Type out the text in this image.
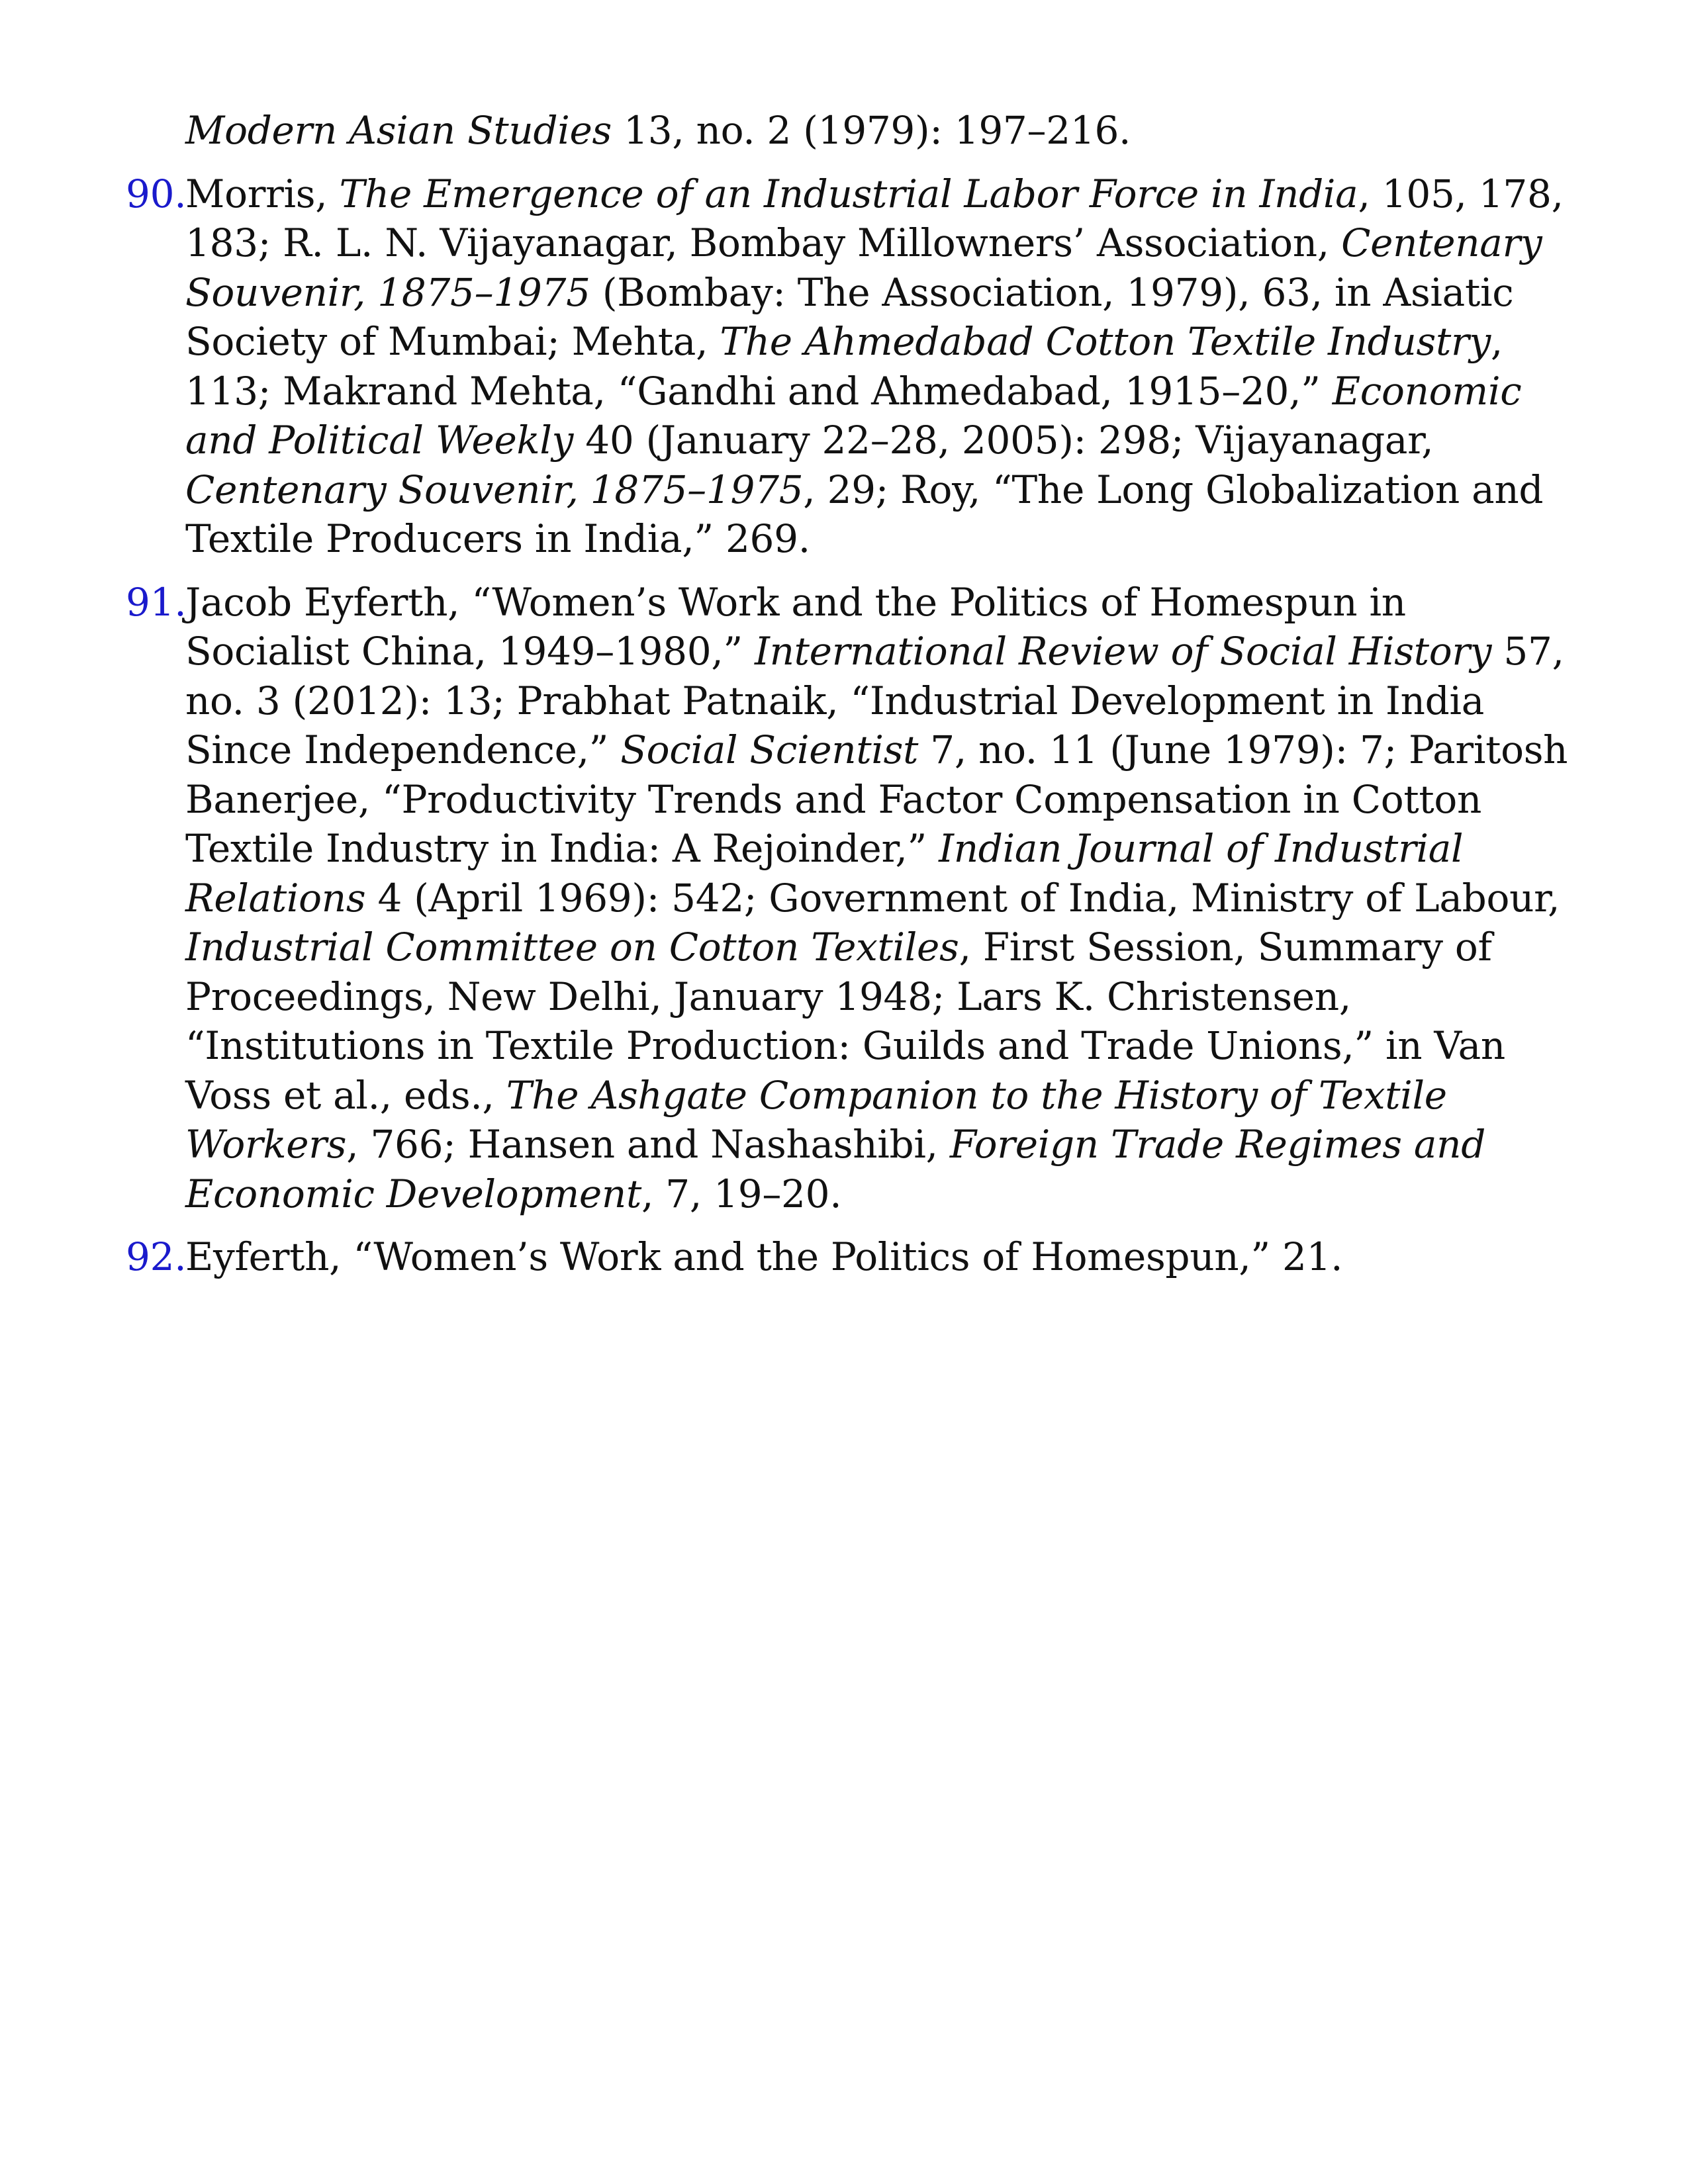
Modern Asian Studies 13, no. 2 (1979): 197–216.
90.
Morris, The Emergence of an Industrial Labor Force in India, 105, 178, 183; R. L. N. Vijayanagar, Bombay Millowners’ Association, Centenary Souvenir, 1875–1975 (Bombay: The Association, 1979), 63, in Asiatic Society of Mumbai; Mehta, The Ahmedabad Cotton Textile Industry, 113; Makrand Mehta, “Gandhi and Ahmedabad, 1915–20,” Economic and Political Weekly 40 (January 22–28, 2005): 298; Vijayanagar, Centenary Souvenir, 1875–1975, 29; Roy, “The Long Globalization and Textile Producers in India,” 269.
91.
Jacob Eyferth, “Women’s Work and the Politics of Homespun in Socialist China, 1949–1980,” International Review of Social History 57, no. 3 (2012): 13; Prabhat Patnaik, “Industrial Development in India Since Independence,” Social Scientist 7, no. 11 (June 1979): 7; Paritosh Banerjee, “Productivity Trends and Factor Compensation in Cotton Textile Industry in India: A Rejoinder,” Indian Journal of Industrial Relations 4 (April 1969): 542; Government of India, Ministry of Labour, Industrial Committee on Cotton Textiles, First Session, Summary of Proceedings, New Delhi, January 1948; Lars K. Christensen, “Institutions in Textile Production: Guilds and Trade Unions,” in Van Voss et al., eds., The Ashgate Companion to the History of Textile Workers, 766; Hansen and Nashashibi, Foreign Trade Regimes and Economic Development, 7, 19–20.
92.
Eyferth, “Women’s Work and the Politics of Homespun,” 21.
